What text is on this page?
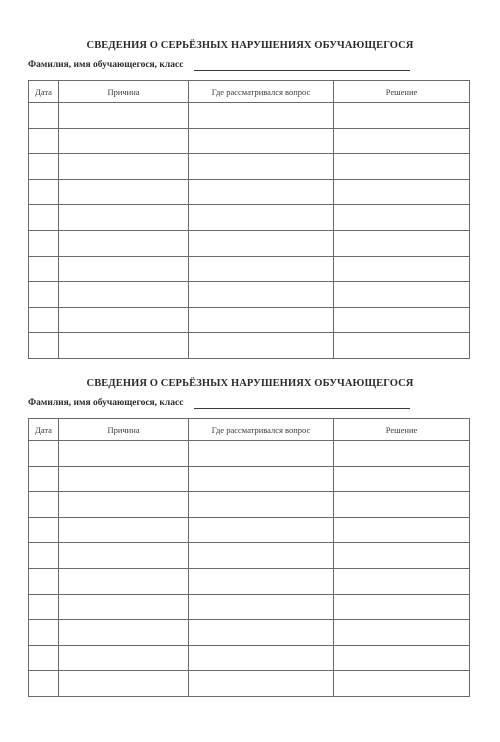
СВЕДЕНИЯ О СЕРЬЁЗНЫХ НАРУШЕНИЯХ ОБУЧАЮЩЕГОСЯ
Фамилия, имя обучающегося, класс
Дата	Причина	Где рассматривался вопрос	Решение

СВЕДЕНИЯ О СЕРЬЁЗНЫХ НАРУШЕНИЯХ ОБУЧАЮЩЕГОСЯ
Фамилия, имя обучающегося, класс
Дата	Причина	Где рассматривался вопрос	Решение
